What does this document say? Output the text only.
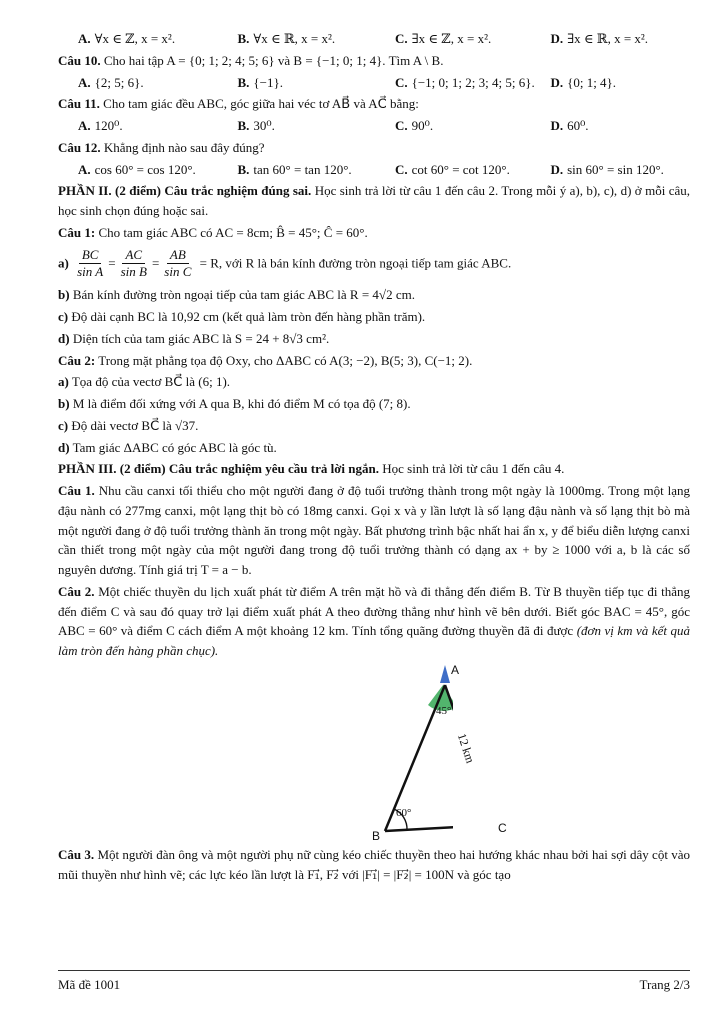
A. ∀x ∈ ℤ, x = x².	B. ∀x ∈ ℝ, x = x².	C. ∃x ∈ ℤ, x = x².	D. ∃x ∈ ℝ, x = x².

Câu 10. Cho hai tập A = {0; 1; 2; 4; 5; 6} và B = {−1; 0; 1; 4}. Tìm A \ B.

A. {2; 5; 6}.	B. {−1}.	C. {−1; 0; 1; 2; 3; 4; 5; 6}.	D. {0; 1; 4}.

Câu 11. Cho tam giác đều ABC, góc giữa hai véc tơ AB⃗ và AC⃗ bằng:

A. 120⁰.	B. 30⁰.	C. 90⁰.	D. 60⁰.

Câu 12. Khẳng định nào sau đây đúng?

A. cos 60° = cos 120°.	B. tan 60° = tan 120°.	C. cot 60° = cot 120°.	D. sin 60° = sin 120°.

PHẦN II. (2 điểm) Câu trắc nghiệm đúng sai. Học sinh trả lời từ câu 1 đến câu 2. Trong mỗi ý a), b), c), d) ở mỗi câu, học sinh chọn đúng hoặc sai.

Câu 1: Cho tam giác ABC có AC = 8cm; B̂ = 45°; Ĉ = 60°.

$a) \frac{BC}{\text{sin A}} = \frac{AC}{\text{sin B}} = \frac{AB}{\text{sin C}} = R$, với R là bán kính đường tròn ngoại tiếp tam giác ABC.

b) Bán kính đường tròn ngoại tiếp của tam giác ABC là R = 4√2 cm.

c) Độ dài cạnh BC là 10,92 cm (kết quả làm tròn đến hàng phần trăm).

d) Diện tích của tam giác ABC là S = 24 + 8√3 cm².

Câu 2: Trong mặt phẳng tọa độ Oxy, cho ΔABC có A(3; −2), B(5; 3), C(−1; 2).

a) Tọa độ của vectơ BC⃗ là (6; 1).

b) M là điểm đối xứng với A qua B, khi đó điểm M có tọa độ (7; 8).

c) Độ dài vectơ BC⃗ là √37.

d) Tam giác ΔABC có góc ABC là góc tù.

PHẦN III. (2 điểm) Câu trắc nghiệm yêu cầu trả lời ngắn. Học sinh trả lời từ câu 1 đến câu 4.

Câu 1. Nhu cầu canxi tối thiểu cho một người đang ở độ tuổi trưởng thành trong một ngày là 1000mg. Trong một lạng đậu nành có 277mg canxi, một lạng thịt bò có 18mg canxi. Gọi x và y lần lượt là số lạng đậu nành và số lạng thịt bò mà một người đang ở độ tuổi trưởng thành ăn trong một ngày. Bất phương trình bậc nhất hai ẩn x, y để biểu diễn lượng canxi cần thiết trong một ngày của một người đang trong độ tuổi trưởng thành có dạng ax + by ≥ 1000 với a, b là các số nguyên dương. Tính giá trị T = a − b.

Câu 2. Một chiếc thuyền du lịch xuất phát từ điểm A trên mặt hồ và đi thẳng đến điểm B. Từ B thuyền tiếp tục đi thẳng đến điểm C và sau đó quay trở lại điểm xuất phát A theo đường thẳng như hình vẽ bên dưới. Biết góc BAC = 45°, góc ABC = 60° và điểm C cách điểm A một khoảng 12 km. Tính tổng quãng đường thuyền đã đi được (đơn vị km và kết quả làm tròn đến hàng phần chục).

A
B
C
45°
60°
12 km

Câu 3. Một người đàn ông và một người phụ nữ cùng kéo chiếc thuyền theo hai hướng khác nhau bởi hai sợi dây cột vào mũi thuyền như hình vẽ; các lực kéo lần lượt là F₁⃗, F₂⃗ với |F₁⃗| = |F₂⃗| = 100N và góc tạo

Mã đề 1001	Trang 2/3
